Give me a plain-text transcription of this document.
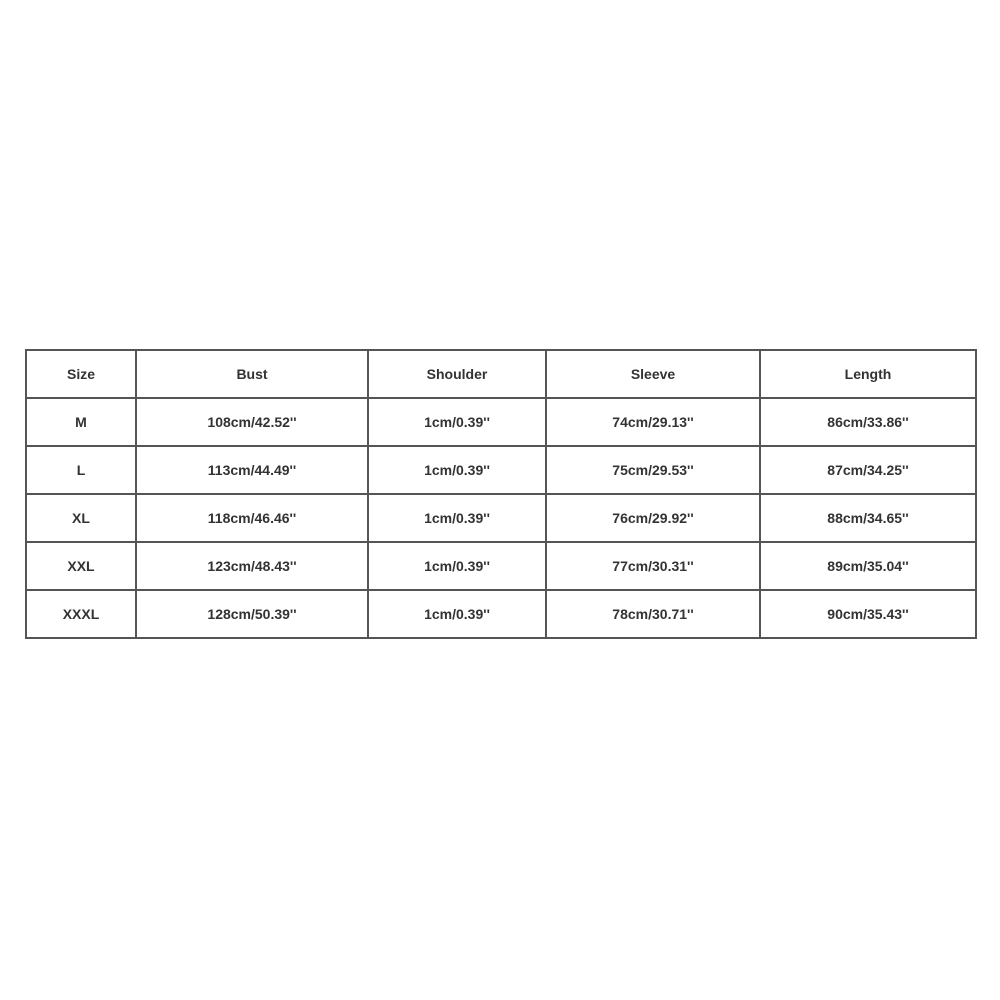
Size	Bust	Shoulder	Sleeve	Length
M	108cm/42.52''	1cm/0.39''	74cm/29.13''	86cm/33.86''
L	113cm/44.49''	1cm/0.39''	75cm/29.53''	87cm/34.25''
XL	118cm/46.46''	1cm/0.39''	76cm/29.92''	88cm/34.65''
XXL	123cm/48.43''	1cm/0.39''	77cm/30.31''	89cm/35.04''
XXXL	128cm/50.39''	1cm/0.39''	78cm/30.71''	90cm/35.43''
